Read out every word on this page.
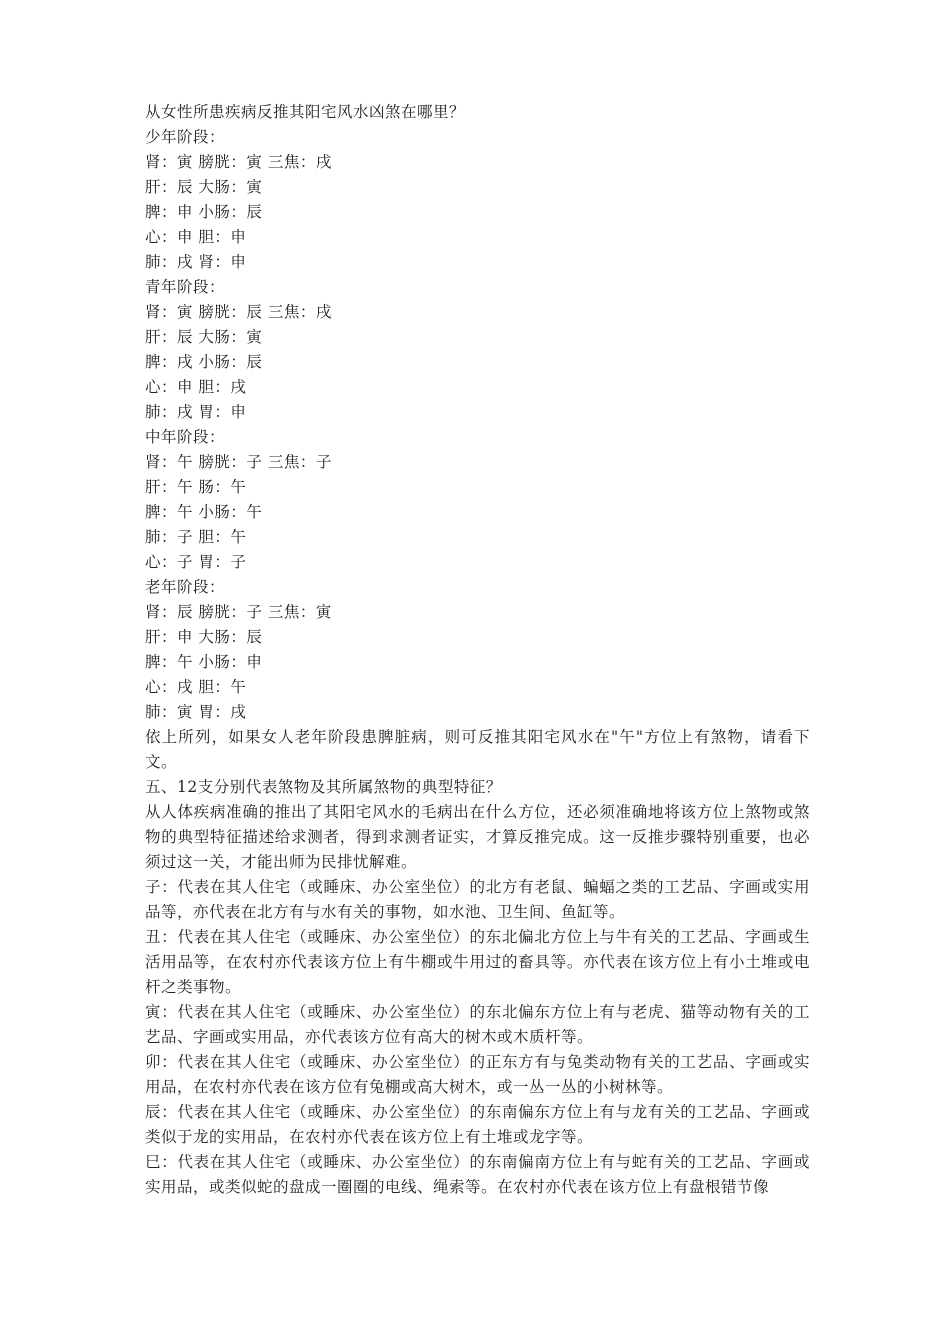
从女性所患疾病反推其阳宅风水凶煞在哪里？
少年阶段：
肾：寅 膀胱：寅 三焦：戌
肝：辰 大肠：寅
脾：申 小肠：辰
心：申 胆：申
肺：戌 肾：申
青年阶段：
肾：寅 膀胱：辰 三焦：戌
肝：辰 大肠：寅
脾：戌 小肠：辰
心：申 胆：戌
肺：戌 胃：申
中年阶段：
肾：午 膀胱：子 三焦：子
肝：午 肠：午
脾：午 小肠：午
肺：子 胆：午
心：子 胃：子
老年阶段：
肾：辰 膀胱：子 三焦：寅
肝：申 大肠：辰
脾：午 小肠：申
心：戌 胆：午
肺：寅 胃：戌
依上所列，如果女人老年阶段患脾脏病，则可反推其阳宅风水在"午"方位上有煞物，请看下文。
五、12支分别代表煞物及其所属煞物的典型特征？
从人体疾病准确的推出了其阳宅风水的毛病出在什么方位，还必须准确地将该方位上煞物或煞物的典型特征描述给求测者，得到求测者证实，才算反推完成。这一反推步骤特别重要，也必须过这一关，才能出师为民排忧解难。
子：代表在其人住宅（或睡床、办公室坐位）的北方有老鼠、蝙蝠之类的工艺品、字画或实用品等，亦代表在北方有与水有关的事物，如水池、卫生间、鱼缸等。
丑：代表在其人住宅（或睡床、办公室坐位）的东北偏北方位上与牛有关的工艺品、字画或生活用品等，在农村亦代表该方位上有牛棚或牛用过的畜具等。亦代表在该方位上有小土堆或电杆之类事物。
寅：代表在其人住宅（或睡床、办公室坐位）的东北偏东方位上有与老虎、猫等动物有关的工艺品、字画或实用品，亦代表该方位有高大的树木或木质杆等。
卯：代表在其人住宅（或睡床、办公室坐位）的正东方有与兔类动物有关的工艺品、字画或实用品，在农村亦代表在该方位有兔棚或高大树木，或一丛一丛的小树林等。
辰：代表在其人住宅（或睡床、办公室坐位）的东南偏东方位上有与龙有关的工艺品、字画或类似于龙的实用品，在农村亦代表在该方位上有土堆或龙字等。
巳：代表在其人住宅（或睡床、办公室坐位）的东南偏南方位上有与蛇有关的工艺品、字画或实用品，或类似蛇的盘成一圈圈的电线、绳索等。在农村亦代表在该方位上有盘根错节像
